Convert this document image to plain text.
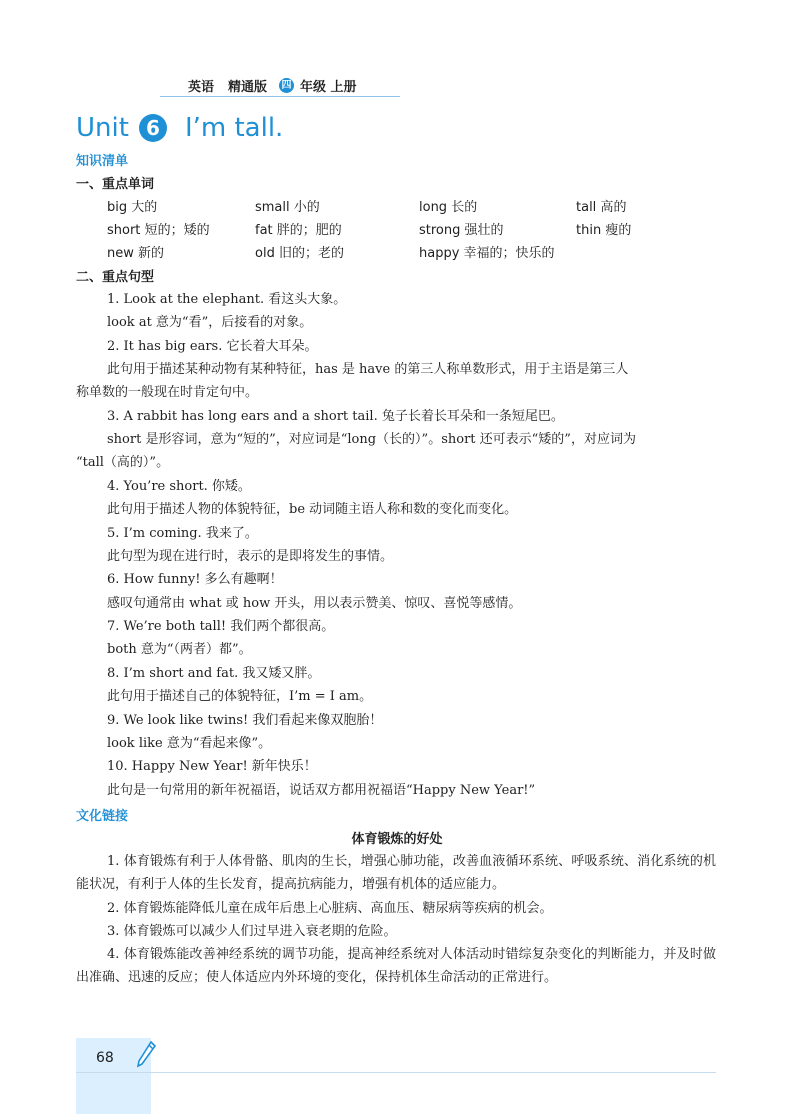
英语 精通版 四 年级 上册
Unit 6 I’m tall.
知识清单
一、重点单词
big 大的	small 小的	long 长的	tall 高的
short 短的；矮的	fat 胖的；肥的	strong 强壮的	thin 瘦的
new 新的	old 旧的；老的	happy 幸福的；快乐的
二、重点句型
1. Look at the elephant. 看这头大象。
look at 意为“看”，后接看的对象。
2. It has big ears. 它长着大耳朵。
此句用于描述某种动物有某种特征，has 是 have 的第三人称单数形式，用于主语是第三人
称单数的一般现在时肯定句中。
3. A rabbit has long ears and a short tail. 兔子长着长耳朵和一条短尾巴。
short 是形容词，意为“短的”，对应词是“long（长的）”。short 还可表示“矮的”，对应词为
“tall（高的）”。
4. You’re short. 你矮。
此句用于描述人物的体貌特征，be 动词随主语人称和数的变化而变化。
5. I’m coming. 我来了。
此句型为现在进行时，表示的是即将发生的事情。
6. How funny! 多么有趣啊！
感叹句通常由 what 或 how 开头，用以表示赞美、惊叹、喜悦等感情。
7. We’re both tall! 我们两个都很高。
both 意为“（两者）都”。
8. I’m short and fat. 我又矮又胖。
此句用于描述自己的体貌特征，I’m = I am。
9. We look like twins! 我们看起来像双胞胎！
look like 意为“看起来像”。
10. Happy New Year! 新年快乐！
此句是一句常用的新年祝福语，说话双方都用祝福语“Happy New Year!”
文化链接
体育锻炼的好处
1. 体育锻炼有利于人体骨骼、肌肉的生长，增强心肺功能，改善血液循环系统、呼吸系统、消化系统的机能状况，有利于人体的生长发育，提高抗病能力，增强有机体的适应能力。
2. 体育锻炼能降低儿童在成年后患上心脏病、高血压、糖尿病等疾病的机会。
3. 体育锻炼可以减少人们过早进入衰老期的危险。
4. 体育锻炼能改善神经系统的调节功能，提高神经系统对人体活动时错综复杂变化的判断能力，并及时做出准确、迅速的反应；使人体适应内外环境的变化，保持机体生命活动的正常进行。
68
